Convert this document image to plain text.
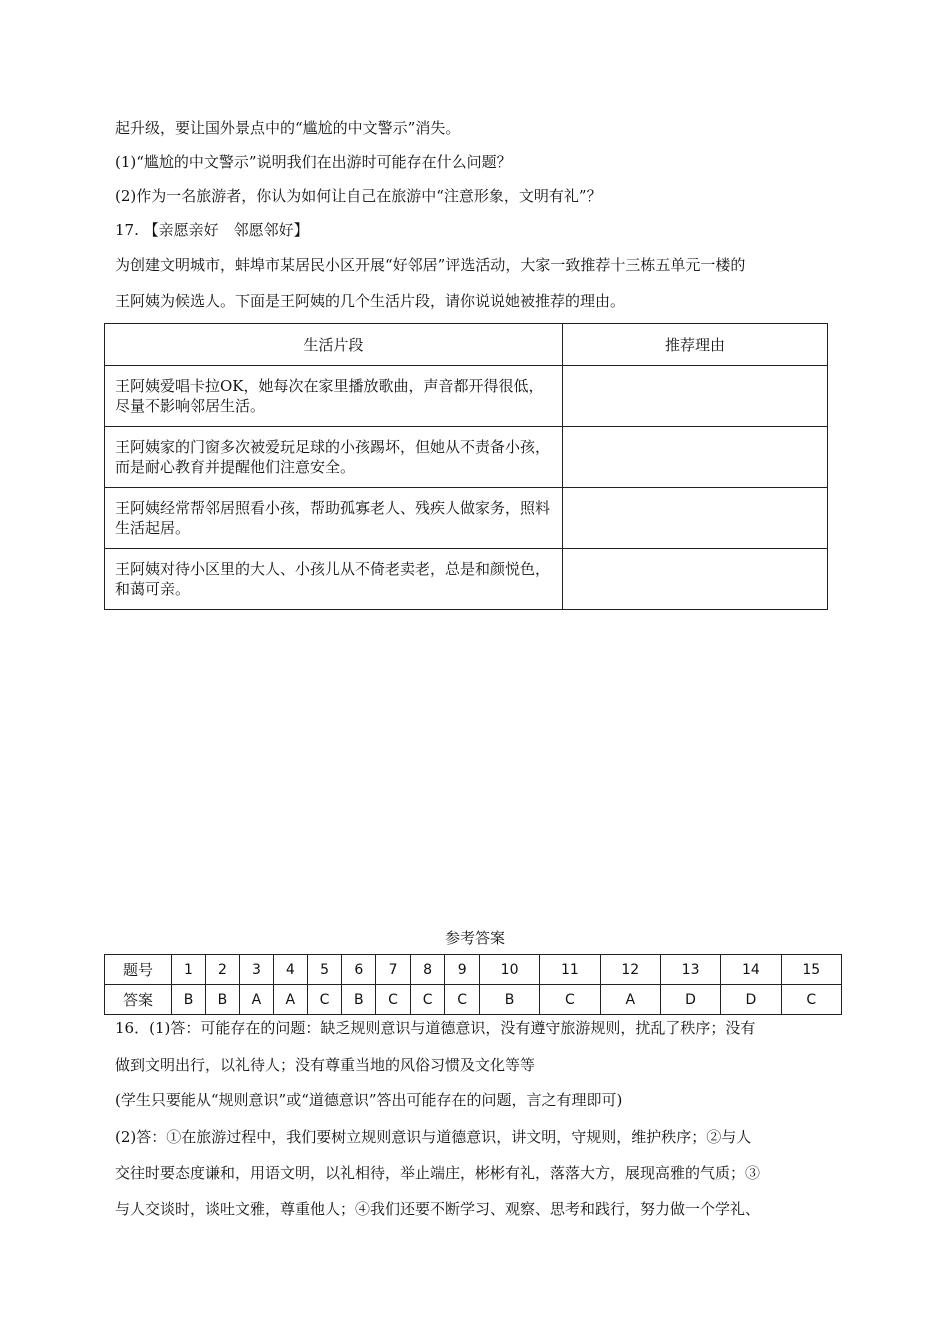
起升级，要让国外景点中的“尴尬的中文警示”消失。
(1)“尴尬的中文警示”说明我们在出游时可能存在什么问题？
(2)作为一名旅游者，你认为如何让自己在旅游中“注意形象，文明有礼”？
17. 【亲愿亲好　邻愿邻好】
为创建文明城市，蚌埠市某居民小区开展“好邻居”评选活动，大家一致推荐十三栋五单元一楼的
王阿姨为候选人。下面是王阿姨的几个生活片段，请你说说她被推荐的理由。
生活片段	推荐理由
王阿姨爱唱卡拉OK，她每次在家里播放歌曲，声音都开得很低，尽量不影响邻居生活。	
王阿姨家的门窗多次被爱玩足球的小孩踢坏，但她从不责备小孩，而是耐心教育并提醒他们注意安全。	
王阿姨经常帮邻居照看小孩，帮助孤寡老人、残疾人做家务，照料生活起居。	
王阿姨对待小区里的大人、小孩儿从不倚老卖老，总是和颜悦色，和蔼可亲。	
参考答案
题号	1	2	3	4	5	6	7	8	9	10	11	12	13	14	15
答案	B	B	A	A	C	B	C	C	C	B	C	A	D	D	C
16．(1)答：可能存在的问题：缺乏规则意识与道德意识，没有遵守旅游规则，扰乱了秩序；没有
做到文明出行，以礼待人；没有尊重当地的风俗习惯及文化等等
(学生只要能从“规则意识”或“道德意识”答出可能存在的问题，言之有理即可)
(2)答：①在旅游过程中，我们要树立规则意识与道德意识，讲文明，守规则，维护秩序；②与人
交往时要态度谦和，用语文明，以礼相待，举止端庄，彬彬有礼，落落大方，展现高雅的气质；③
与人交谈时，谈吐文雅，尊重他人；④我们还要不断学习、观察、思考和践行，努力做一个学礼、
